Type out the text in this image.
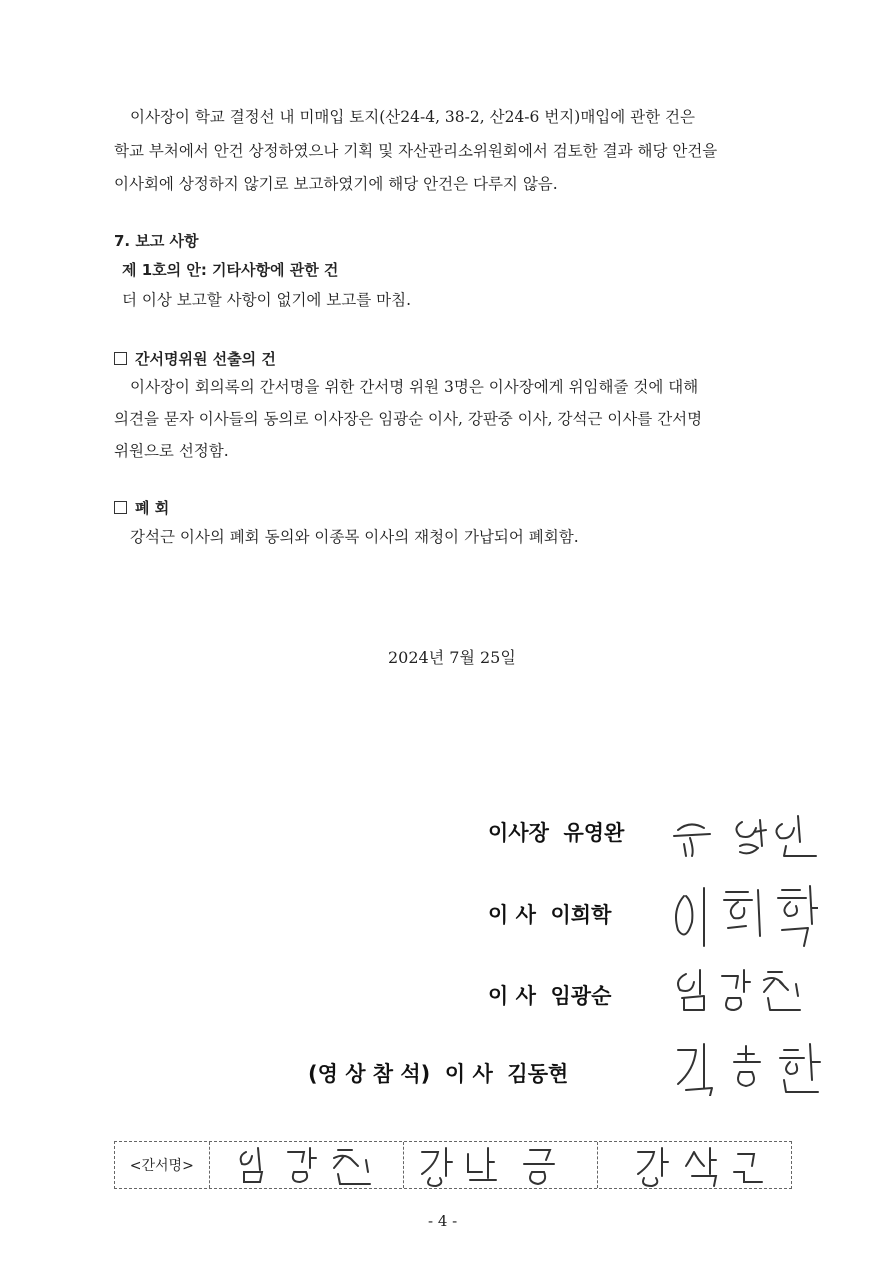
이사장이 학교 결정선 내 미매입 토지(산24-4, 38-2, 산24-6 번지)매입에 관한 건은
학교 부처에서 안건 상정하였으나 기획 및 자산관리소위원회에서 검토한 결과 해당 안건을
이사회에 상정하지 않기로 보고하였기에 해당 안건은 다루지 않음.
7. 보고 사항
제 1호의 안: 기타사항에 관한 건
더 이상 보고할 사항이 없기에 보고를 마침.
간서명위원 선출의 건
이사장이 회의록의 간서명을 위한 간서명 위원 3명은 이사장에게 위임해줄 것에 대해
의견을 묻자 이사들의 동의로 이사장은 임광순 이사, 강판중 이사, 강석근 이사를 간서명
위원으로 선정함.
폐 회
강석근 이사의 폐회 동의와 이종목 이사의 재청이 가납되어 폐회함.
2024년 7월 25일
이사장 유영완
이 사 이희학
이 사 임광순
(영 상 참 석) 이 사 김동현
<간서명>
- 4 -
